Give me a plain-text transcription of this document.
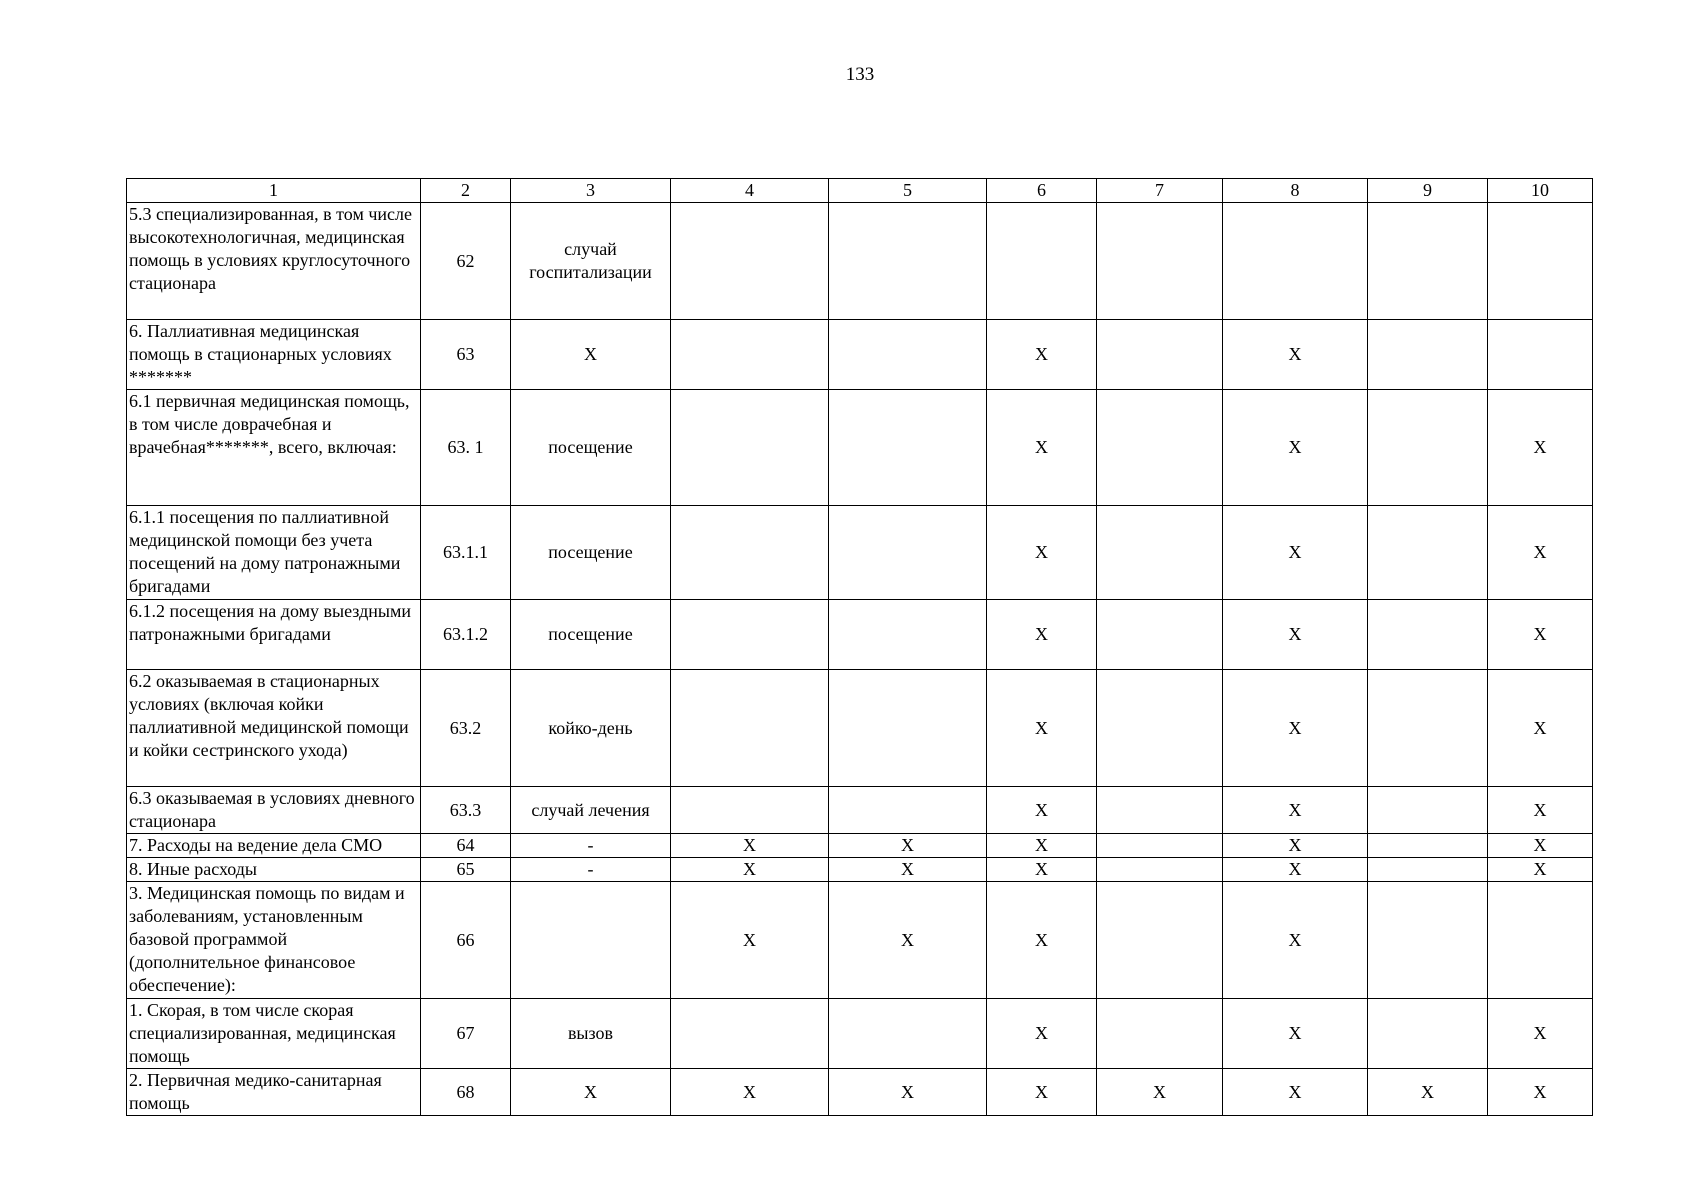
133
1	2	3	4	5	6	7	8	9	10
5.3 специализированная, в том числе высокотехнологичная, медицинская помощь в условиях круглосуточного стационара	62	случай госпитализации							
6. Паллиативная медицинская помощь в стационарных условиях *******	63	X			X		X		
6.1 первичная медицинская помощь, в том числе доврачебная и врачебная*******, всего, включая:	63. 1	посещение			X		X		X
6.1.1 посещения по паллиативной медицинской помощи без учета посещений на дому патронажными бригадами	63.1.1	посещение			X		X		X
6.1.2 посещения на дому выездными патронажными бригадами	63.1.2	посещение			X		X		X
6.2 оказываемая в стационарных условиях (включая койки паллиативной медицинской помощи и койки сестринского ухода)	63.2	койко-день			X		X		X
6.3 оказываемая в условиях дневного стационара	63.3	случай лечения			X		X		X
7. Расходы на ведение дела СМО	64	-	X	X	X		X		X
8. Иные расходы	65	-	X	X	X		X		X
3. Медицинская помощь по видам и заболеваниям, установленным базовой программой (дополнительное финансовое обеспечение):	66		X	X	X		X		
1. Скорая, в том числе скорая специализированная, медицинская помощь	67	вызов			X		X		X
2. Первичная медико-санитарная помощь	68	X	X	X	X	X	X	X	X
